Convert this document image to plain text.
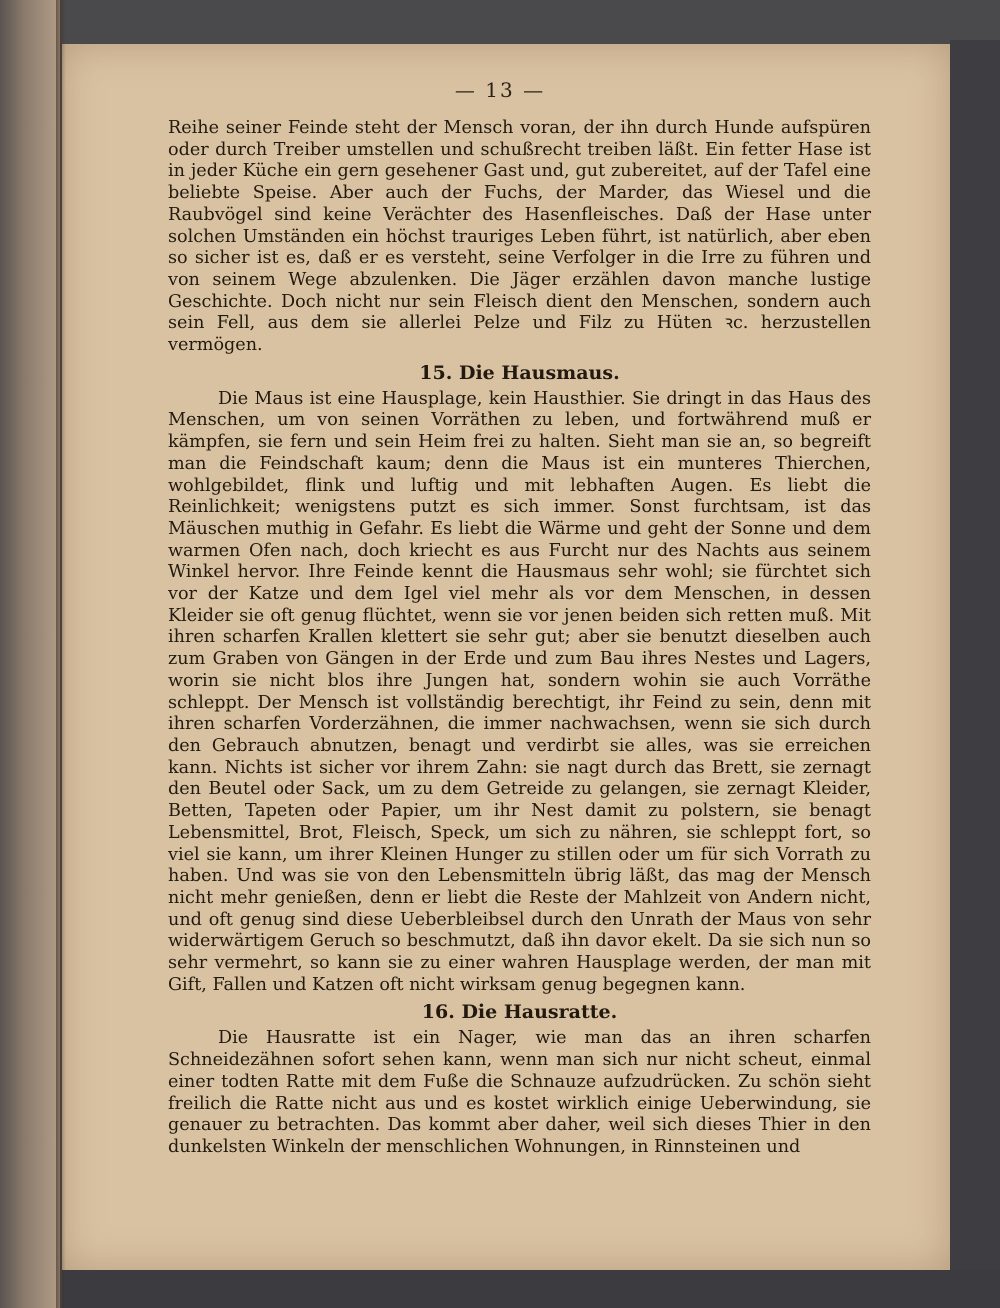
— 13 —

Reihe seiner Feinde steht der Mensch voran, der ihn durch Hunde aufspüren oder durch Treiber umstellen und schußrecht treiben läßt. Ein fetter Hase ist in jeder Küche ein gern gesehener Gast und, gut zubereitet, auf der Tafel eine beliebte Speise. Aber auch der Fuchs, der Marder, das Wiesel und die Raubvögel sind keine Verächter des Hasenfleisches. Daß der Hase unter solchen Umständen ein höchst trauriges Leben führt, ist natürlich, aber eben so sicher ist es, daß er es versteht, seine Verfolger in die Irre zu führen und von seinem Wege abzulenken. Die Jäger erzählen davon manche lustige Geschichte. Doch nicht nur sein Fleisch dient den Menschen, sondern auch sein Fell, aus dem sie allerlei Pelze und Filz zu Hüten ꝛc. herzustellen vermögen.

15. Die Hausmaus.

Die Maus ist eine Hausplage, kein Hausthier. Sie dringt in das Haus des Menschen, um von seinen Vorräthen zu leben, und fortwährend muß er kämpfen, sie fern und sein Heim frei zu halten. Sieht man sie an, so begreift man die Feindschaft kaum; denn die Maus ist ein munteres Thierchen, wohlgebildet, flink und luftig und mit lebhaften Augen. Es liebt die Reinlichkeit; wenigstens putzt es sich immer. Sonst furchtsam, ist das Mäuschen muthig in Gefahr. Es liebt die Wärme und geht der Sonne und dem warmen Ofen nach, doch kriecht es aus Furcht nur des Nachts aus seinem Winkel hervor. Ihre Feinde kennt die Hausmaus sehr wohl; sie fürchtet sich vor der Katze und dem Igel viel mehr als vor dem Menschen, in dessen Kleider sie oft genug flüchtet, wenn sie vor jenen beiden sich retten muß. Mit ihren scharfen Krallen klettert sie sehr gut; aber sie benutzt dieselben auch zum Graben von Gängen in der Erde und zum Bau ihres Nestes und Lagers, worin sie nicht blos ihre Jungen hat, sondern wohin sie auch Vorräthe schleppt. Der Mensch ist vollständig berechtigt, ihr Feind zu sein, denn mit ihren scharfen Vorderzähnen, die immer nachwachsen, wenn sie sich durch den Gebrauch abnutzen, benagt und verdirbt sie alles, was sie erreichen kann. Nichts ist sicher vor ihrem Zahn: sie nagt durch das Brett, sie zernagt den Beutel oder Sack, um zu dem Getreide zu gelangen, sie zernagt Kleider, Betten, Tapeten oder Papier, um ihr Nest damit zu polstern, sie benagt Lebensmittel, Brot, Fleisch, Speck, um sich zu nähren, sie schleppt fort, so viel sie kann, um ihrer Kleinen Hunger zu stillen oder um für sich Vorrath zu haben. Und was sie von den Lebensmitteln übrig läßt, das mag der Mensch nicht mehr genießen, denn er liebt die Reste der Mahlzeit von Andern nicht, und oft genug sind diese Ueberbleibsel durch den Unrath der Maus von sehr widerwärtigem Geruch so beschmutzt, daß ihn davor ekelt. Da sie sich nun so sehr vermehrt, so kann sie zu einer wahren Hausplage werden, der man mit Gift, Fallen und Katzen oft nicht wirksam genug begegnen kann.

16. Die Hausratte.

Die Hausratte ist ein Nager, wie man das an ihren scharfen Schneidezähnen sofort sehen kann, wenn man sich nur nicht scheut, einmal einer todten Ratte mit dem Fuße die Schnauze aufzudrücken. Zu schön sieht freilich die Ratte nicht aus und es kostet wirklich einige Ueberwindung, sie genauer zu betrachten. Das kommt aber daher, weil sich dieses Thier in den dunkelsten Winkeln der menschlichen Wohnungen, in Rinnsteinen und
